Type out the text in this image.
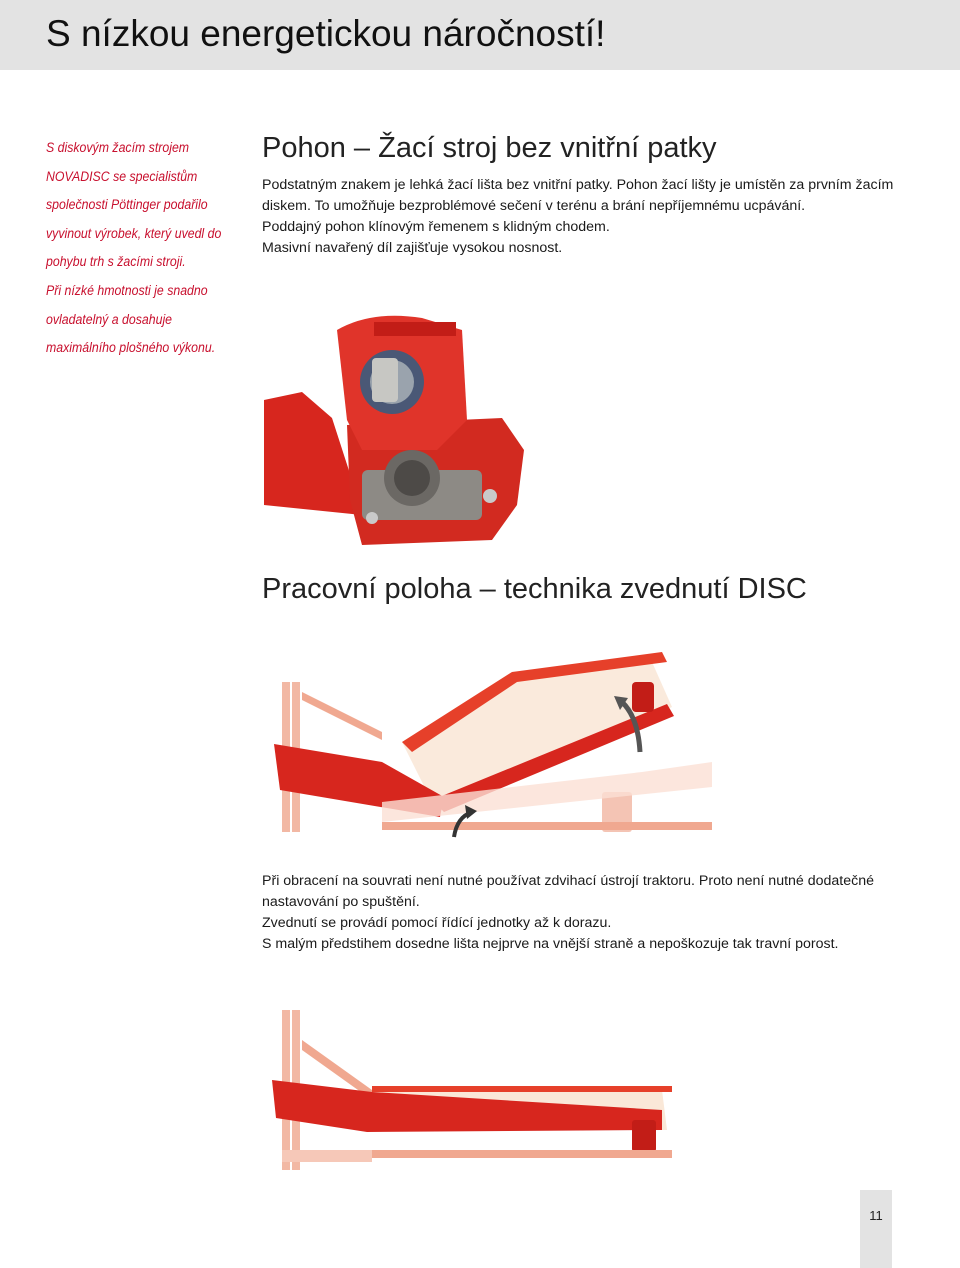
S nízkou energetickou náročností!

S diskovým žacím strojem

NOVADISC se specialistům

společnosti Pöttinger podařilo

vyvinout výrobek, který uvedl do

pohybu trh s žacími stroji.

Při nízké hmotnosti je snadno

ovladatelný a dosahuje

maximálního plošného výkonu.

Pohon – Žací stroj bez vnitřní patky

Podstatným znakem je lehká žací lišta bez vnitřní patky. Pohon žací lišty je umístěn za prvním žacím diskem. To umožňuje bezproblémové sečení v terénu a brání nepříjemnému ucpávání.

Poddajný pohon klínovým řemenem s klidným chodem.

Masivní navařený díl zajišťuje vysokou nosnost.

Pracovní poloha – technika zvednutí DISC

Při obracení na souvrati není nutné používat zdvihací ústrojí traktoru. Proto není nutné dodatečné nastavování po spuštění.

Zvednutí se provádí pomocí řídící jednotky až k dorazu.

S malým předstihem dosedne lišta nejprve na vnější straně a nepoškozuje tak travní porost.

11
